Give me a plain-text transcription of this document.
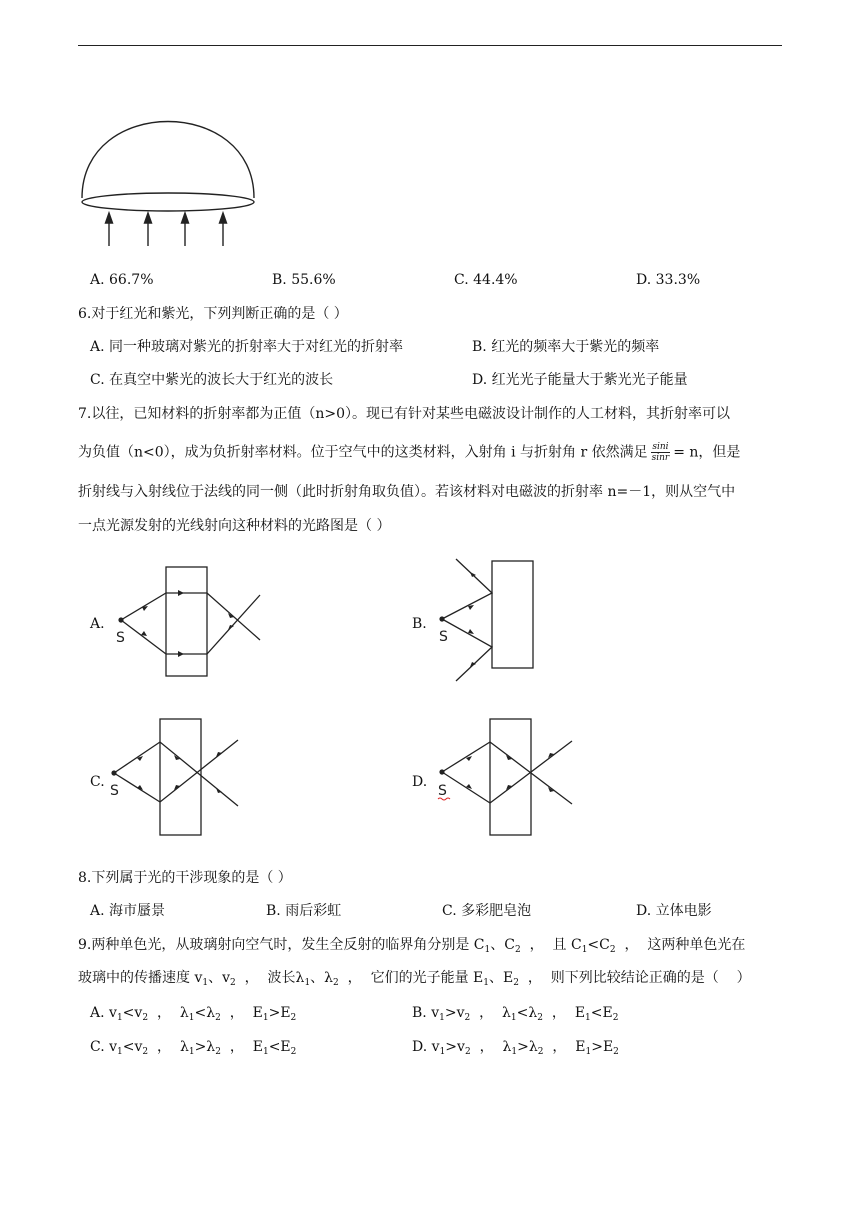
A. 66.7%	B. 55.6%	C. 44.4%	D. 33.3%
6.对于红光和紫光，下列判断正确的是（ ）
A. 同一种玻璃对紫光的折射率大于对红光的折射率	B. 红光的频率大于紫光的频率
C. 在真空中紫光的波长大于红光的波长	D. 红光光子能量大于紫光光子能量
7.以往，已知材料的折射率都为正值（n>0）。现已有针对某些电磁波设计制作的人工材料，其折射率可以
为负值（n<0），成为负折射率材料。位于空气中的这类材料，入射角 i 与折射角 r 依然满足 $\frac{\sin i}{\sin r} = n$，但是
折射线与入射线位于法线的同一侧（此时折射角取负值）。若该材料对电磁波的折射率 n=－1，则从空气中
一点光源发射的光线射向这种材料的光路图是（ ）
A.	B.
C.	D.
S	S
S	S
8.下列属于光的干涉现象的是（ ）
A. 海市蜃景	B. 雨后彩虹	C. 多彩肥皂泡	D. 立体电影
9.两种单色光，从玻璃射向空气时，发生全反射的临界角分别是 $C_1$、$C_2$  ，  且 $C_1<C_2$  ，  这两种单色光在
玻璃中的传播速度 $v_1$、$v_2$  ，  波长$\lambda_1$、$\lambda_2$  ，  它们的光子能量 $E_1$、$E_2$  ，  则下列比较结论正确的是（    ）
A. $v_1<v_2$  ，  $\lambda_1<\lambda_2$  ，  $E_1>E_2$	B. $v_1>v_2$  ，  $\lambda_1<\lambda_2$  ，  $E_1<E_2$
C. $v_1<v_2$  ，  $\lambda_1>\lambda_2$  ，  $E_1<E_2$	D. $v_1>v_2$  ，  $\lambda_1>\lambda_2$  ，  $E_1>E_2$
